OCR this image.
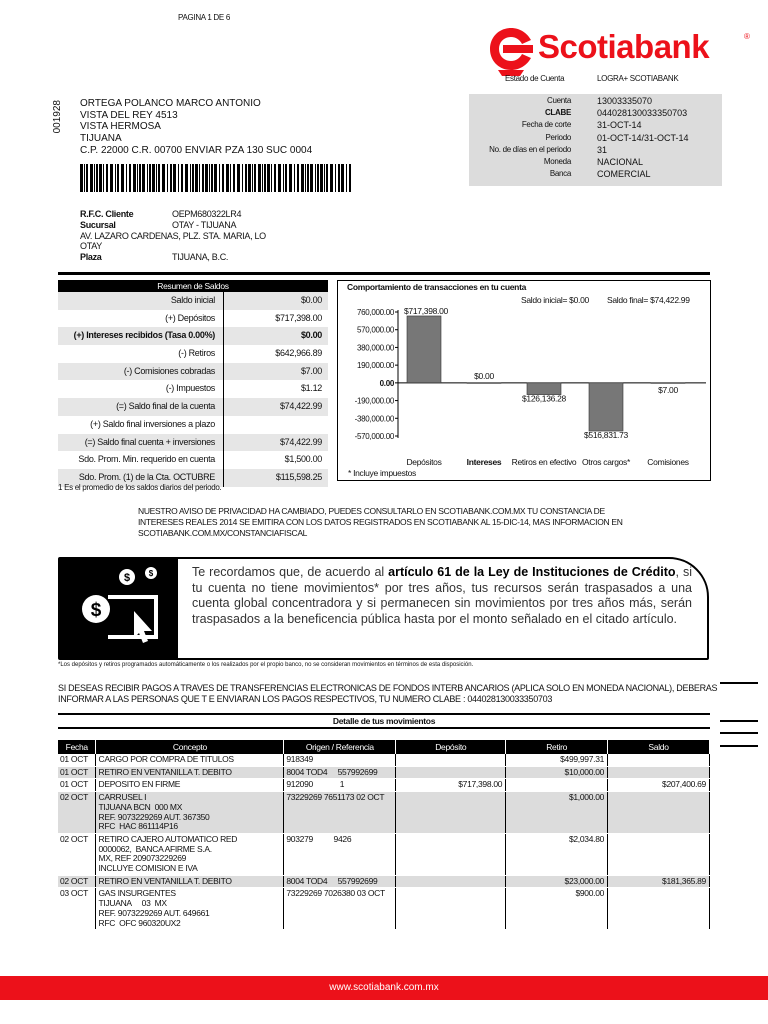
PAGINA 1 DE 6
Scotiabank	®
Estado de Cuenta	LOGRA+ SCOTIABANK
Cuenta	13003335070
CLABE	044028130033350703
Fecha de corte	31-OCT-14
Periodo	01-OCT-14/31-OCT-14
No. de días en el periodo	31
Moneda	NACIONAL
Banca	COMERCIAL
001928 ORTEGA POLANCO MARCO ANTONIO
VISTA DEL REY 4513
VISTA HERMOSA
TIJUANA
C.P. 22000 C.R. 00700 ENVIAR PZA 130 SUC 0004
R.F.C. Cliente	OEPM680322LR4
Sucursal	OTAY - TIJUANA
AV. LAZARO CARDENAS, PLZ. STA. MARIA, LO
OTAY
Plaza	TIJUANA, B.C.
Resumen de Saldos
Saldo inicial	$0.00
(+) Depósitos	$717,398.00
(+) Intereses recibidos (Tasa 0.00%)	$0.00
(-) Retiros	$642,966.89
(-) Comisiones cobradas	$7.00
(-) Impuestos	$1.12
(=) Saldo final de la cuenta	$74,422.99
(+) Saldo final inversiones a plazo
(=) Saldo final cuenta + inversiones	$74,422.99
Sdo. Prom. Min. requerido en cuenta	$1,500.00
Sdo. Prom. (1) de la Cta. OCTUBRE	$115,598.25
Comportamiento de transacciones en tu cuenta
Saldo inicial= $0.00 Saldo final= $74,422.99
760,000.00
570,000.00
380,000.00
190,000.00
0.00
-190,000.00
-380,000.00
-570,000.00
$717,398.00
Depósitos
$0.00
Intereses
$126,136.28
Retiros en efectivo
$516,831.73
Otros cargos*
$7.00
Comisiones
* Incluye impuestos
1 Es el promedio de los saldos diarios del periodo.
NUESTRO AVISO DE PRIVACIDAD HA CAMBIADO, PUEDES CONSULTARLO EN SCOTIABANK.COM.MX TU CONSTANCIA DE INTERESES REALES 2014 SE EMITIRA CON LOS DATOS REGISTRADOS EN SCOTIABANK AL 15-DIC-14, MAS INFORMACION EN SCOTIABANK.COM.MX/CONSTANCIAFISCAL
$ $
$
Te recordamos que, de acuerdo al artículo 61 de la Ley de Instituciones de Crédito, si tu cuenta no tiene movimientos* por tres años, tus recursos serán traspasados a una cuenta global concentradora y si permanecen sin movimientos por tres años más, serán traspasados a la beneficencia pública hasta por el monto señalado en el citado artículo.
*Los depósitos y retiros programados automáticamente o los realizados por el propio banco, no se consideran movimientos en términos de esta disposición.
SI DESEAS RECIBIR PAGOS A TRAVES DE TRANSFERENCIAS ELECTRONICAS DE FONDOS INTERB ANCARIOS (APLICA SOLO EN MONEDA NACIONAL), DEBERAS INFORMAR A LAS PERSONAS QUE T E ENVIARAN LOS PAGOS RESPECTIVOS, TU NUMERO CLABE : 044028130033350703
Detalle de tus movimientos
Fecha	Concepto	Origen / Referencia	Depósito	Retiro	Saldo
01 OCT	CARGO POR COMPRA DE TITULOS	918349		$499,997.31	
01 OCT	RETIRO EN VENTANILLA T. DEBITO	8004 TOD4     557992699		$10,000.00	
01 OCT	DEPOSITO EN FIRME	912090             1	$717,398.00		$207,400.69
02 OCT	CARRUSEL I
TIJUANA BCN  000 MX
REF. 9073229269 AUT. 367350
RFC  HAC 861114P16	73229269 7651173 02 OCT		$1,000.00	
02 OCT	RETIRO CAJERO AUTOMATICO RED
0000062,  BANCA AFIRME S.A.
MX, REF 209073229269
INCLUYE COMISION E IVA	903279          9426		$2,034.80	
02 OCT	RETIRO EN VENTANILLA T. DEBITO	8004 TOD4     557992699		$23,000.00	$181,365.89
03 OCT	GAS INSURGENTES
TIJUANA     03  MX
REF. 9073229269 AUT. 649661
RFC  OFC 960320UX2	73229269 7026380 03 OCT		$900.00	
www.scotiabank.com.mx
